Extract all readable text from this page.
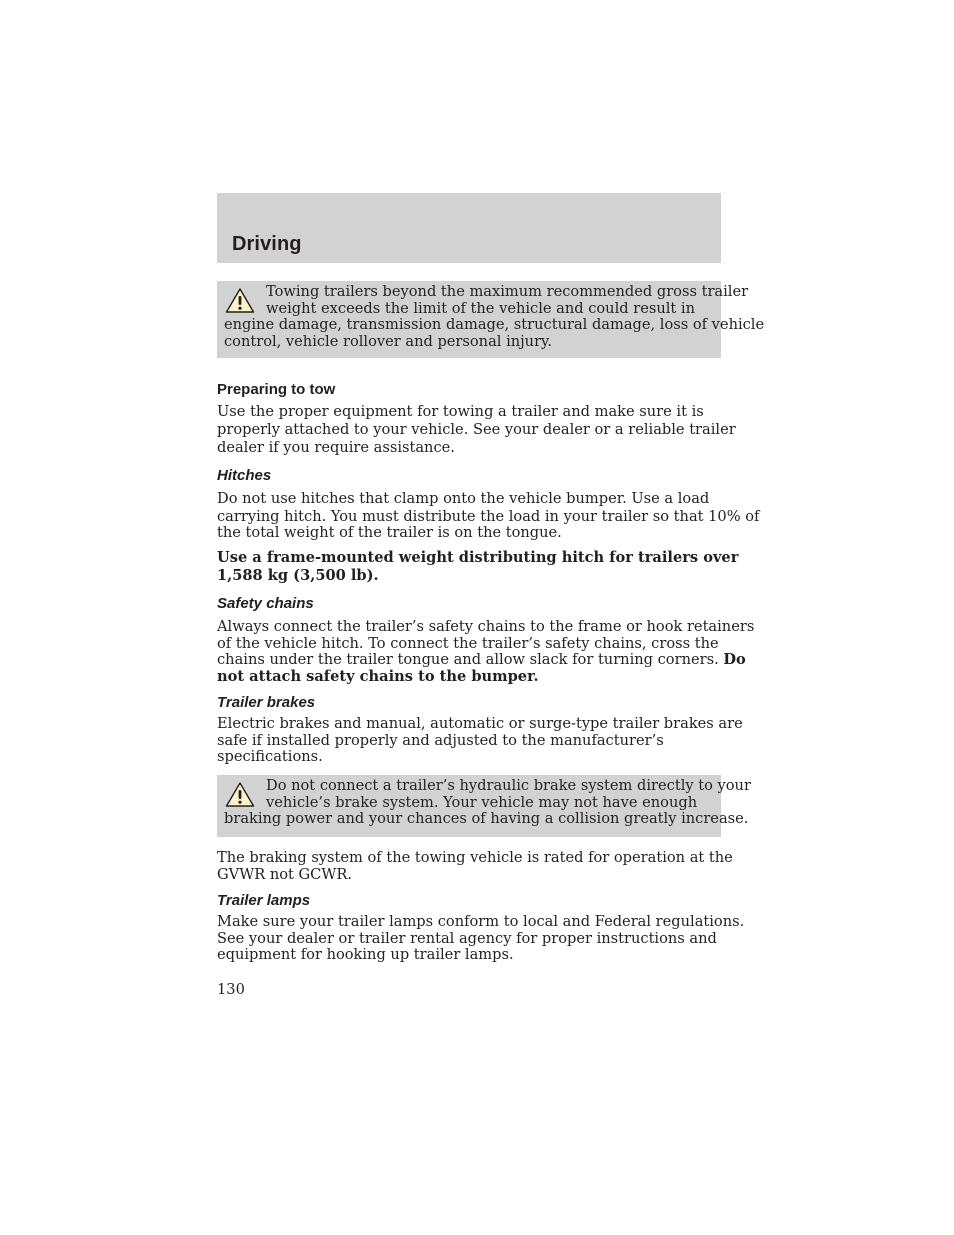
Driving
Towing trailers beyond the maximum recommended gross trailer
weight exceeds the limit of the vehicle and could result in
engine damage, transmission damage, structural damage, loss of vehicle
control, vehicle rollover and personal injury.
Preparing to tow
Use the proper equipment for towing a trailer and make sure it is
properly attached to your vehicle. See your dealer or a reliable trailer
dealer if you require assistance.
Hitches
Do not use hitches that clamp onto the vehicle bumper. Use a load
carrying hitch. You must distribute the load in your trailer so that 10% of
the total weight of the trailer is on the tongue.
Use a frame-mounted weight distributing hitch for trailers over
1,588 kg (3,500 lb).
Safety chains
Always connect the trailer’s safety chains to the frame or hook retainers
of the vehicle hitch. To connect the trailer’s safety chains, cross the
chains under the trailer tongue and allow slack for turning corners. Do
not attach safety chains to the bumper.
Trailer brakes
Electric brakes and manual, automatic or surge-type trailer brakes are
safe if installed properly and adjusted to the manufacturer’s
specifications.
Do not connect a trailer’s hydraulic brake system directly to your
vehicle’s brake system. Your vehicle may not have enough
braking power and your chances of having a collision greatly increase.
The braking system of the towing vehicle is rated for operation at the
GVWR not GCWR.
Trailer lamps
Make sure your trailer lamps conform to local and Federal regulations.
See your dealer or trailer rental agency for proper instructions and
equipment for hooking up trailer lamps.
130
